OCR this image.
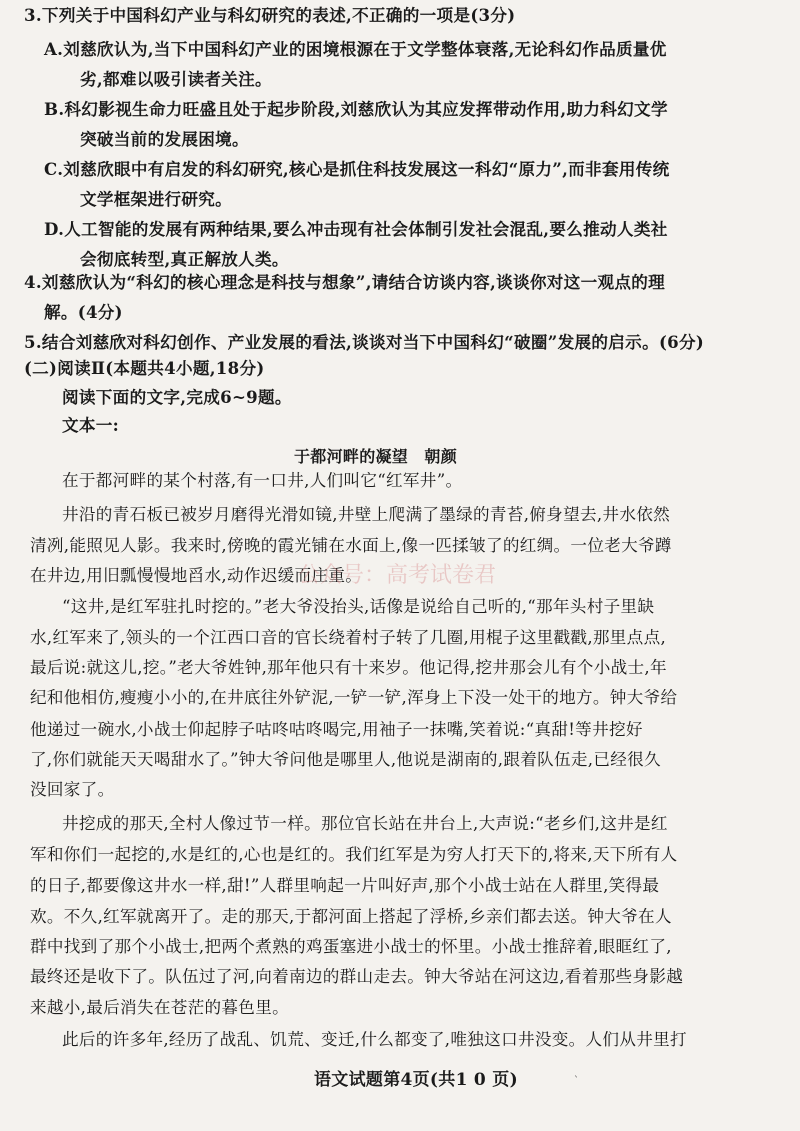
3.下列关于中国科幻产业与科幻研究的表述,不正确的一项是(3分)
A.刘慈欣认为,当下中国科幻产业的困境根源在于文学整体衰落,无论科幻作品质量优
劣,都难以吸引读者关注。
B.科幻影视生命力旺盛且处于起步阶段,刘慈欣认为其应发挥带动作用,助力科幻文学
突破当前的发展困境。
C.刘慈欣眼中有启发的科幻研究,核心是抓住科技发展这一科幻“原力”,而非套用传统
文学框架进行研究。
D.人工智能的发展有两种结果,要么冲击现有社会体制引发社会混乱,要么推动人类社
会彻底转型,真正解放人类。
4.刘慈欣认为“科幻的核心理念是科技与想象”,请结合访谈内容,谈谈你对这一观点的理
解。(4分)
5.结合刘慈欣对科幻创作、产业发展的看法,谈谈对当下中国科幻“破圈”发展的启示。(6分)
(二)阅读Ⅱ(本题共4小题,18分)
阅读下面的文字,完成6~9题。
文本一:
于都河畔的凝望　朝颜
在于都河畔的某个村落,有一口井,人们叫它“红军井”。
井沿的青石板已被岁月磨得光滑如镜,井壁上爬满了墨绿的青苔,俯身望去,井水依然
清冽,能照见人影。我来时,傍晚的霞光铺在水面上,像一匹揉皱了的红绸。一位老大爷蹲
在井边,用旧瓢慢慢地舀水,动作迟缓而庄重。
“这井,是红军驻扎时挖的。”老大爷没抬头,话像是说给自己听的,“那年头村子里缺
水,红军来了,领头的一个江西口音的官长绕着村子转了几圈,用棍子这里戳戳,那里点点,
最后说:就这儿,挖。”老大爷姓钟,那年他只有十来岁。他记得,挖井那会儿有个小战士,年
纪和他相仿,瘦瘦小小的,在井底往外铲泥,一铲一铲,浑身上下没一处干的地方。钟大爷给
他递过一碗水,小战士仰起脖子咕咚咕咚喝完,用袖子一抹嘴,笑着说:“真甜!等井挖好
了,你们就能天天喝甜水了。”钟大爷问他是哪里人,他说是湖南的,跟着队伍走,已经很久
没回家了。
井挖成的那天,全村人像过节一样。那位官长站在井台上,大声说:“老乡们,这井是红
军和你们一起挖的,水是红的,心也是红的。我们红军是为穷人打天下的,将来,天下所有人
的日子,都要像这井水一样,甜!”人群里响起一片叫好声,那个小战士站在人群里,笑得最
欢。不久,红军就离开了。走的那天,于都河面上搭起了浮桥,乡亲们都去送。钟大爷在人
群中找到了那个小战士,把两个煮熟的鸡蛋塞进小战士的怀里。小战士推辞着,眼眶红了,
最终还是收下了。队伍过了河,向着南边的群山走去。钟大爷站在河这边,看着那些身影越
来越小,最后消失在苍茫的暮色里。
此后的许多年,经历了战乱、饥荒、变迁,什么都变了,唯独这口井没变。人们从井里打
公众号：高考试卷君
语文试题第4页(共1 0 页)	`
